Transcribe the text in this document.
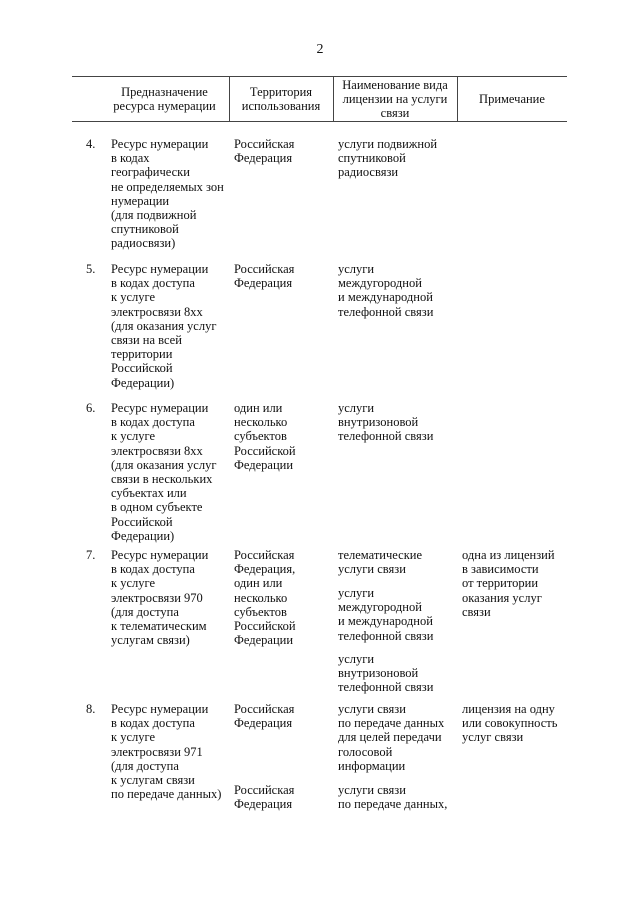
2
Предназначение
ресурса нумерации
Территория
использования
Наименование вида
лицензии на услуги
связи
Примечание
4. Ресурс нумерации
в кодах
географически
не определяемых зон
нумерации
(для подвижной
спутниковой
радиосвязи)
Российская
Федерация
услуги подвижной
спутниковой
радиосвязи
5. Ресурс нумерации
в кодах доступа
к услуге
электросвязи 8хх
(для оказания услуг
связи на всей
территории
Российской
Федерации)
Российская
Федерация
услуги
междугородной
и международной
телефонной связи
6. Ресурс нумерации
в кодах доступа
к услуге
электросвязи 8хх
(для оказания услуг
связи в нескольких
субъектах или
в одном субъекте
Российской
Федерации)
один или
несколько
субъектов
Российской
Федерации
услуги
внутризоновой
телефонной связи
7. Ресурс нумерации
в кодах доступа
к услуге
электросвязи 970
(для доступа
к телематическим
услугам связи)
Российская
Федерация,
один или
несколько
субъектов
Российской
Федерации
телематические
услуги связи
услуги
междугородной
и международной
телефонной связи
услуги
внутризоновой
телефонной связи
одна из лицензий
в зависимости
от территории
оказания услуг
связи
8. Ресурс нумерации
в кодах доступа
к услуге
электросвязи 971
(для доступа
к услугам связи
по передаче данных)
Российская
Федерация
Российская
Федерация
услуги связи
по передаче данных
для целей передачи
голосовой
информации
услуги связи
по передаче данных,
лицензия на одну
или совокупность
услуг связи
